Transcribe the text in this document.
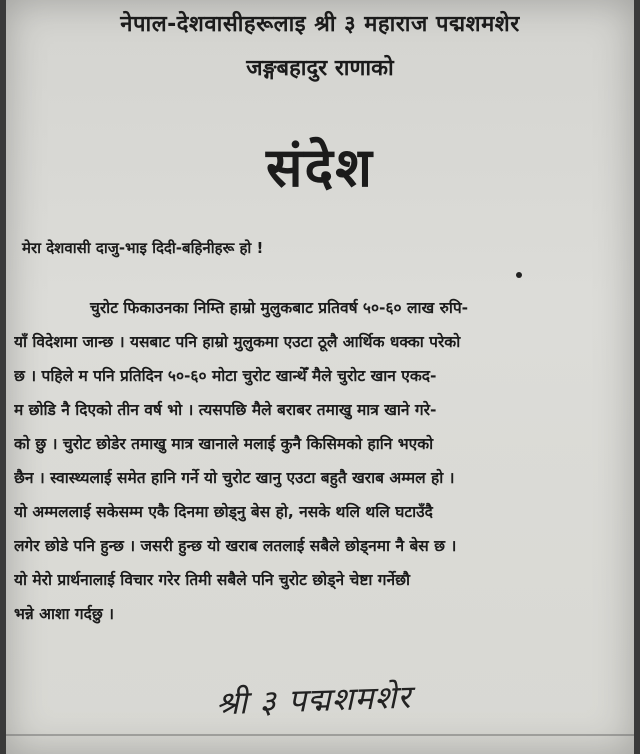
नेपाल-देशवासीहरूलाइ श्री ३ महाराज पद्मशमशेर
जङ्गबहादुर राणाको
संदेश
मेरा देशवासी दाजु-भाइ दिदी-बहिनीहरू हो !
चुरोट फिकाउनका निम्ति हाम्रो मुलुकबाट प्रतिवर्ष ५०-६० लाख रुपि-
याँ विदेशमा जान्छ । यसबाट पनि हाम्रो मुलुकमा एउटा ठूलै आर्थिक धक्का परेको
छ । पहिले म पनि प्रतिदिन ५०-६० मोटा चुरोट खान्थेँ मैले चुरोट खान एकद-
म छोडि नै दिएको तीन वर्ष भो । त्यसपछि मैले बराबर तमाखु मात्र खाने गरे-
को छु । चुरोट छोडेर तमाखु मात्र खानाले मलाई कुनै किसिमको हानि भएको
छैन । स्वास्थ्यलाई समेत हानि गर्ने यो चुरोट खानु एउटा बहुतै खराब अम्मल हो ।
यो अम्मललाई सकेसम्म एकै दिनमा छोड्नु बेस हो, नसके थलि थलि घटाउँदै
लगेर छोडे पनि हुन्छ । जसरी हुन्छ यो खराब लतलाई सबैले छोड्नमा नै बेस छ ।
यो मेरो प्रार्थनालाई विचार गरेर तिमी सबैले पनि चुरोट छोड्ने चेष्टा गर्नेछौ
भन्ने आशा गर्दछु ।
श्री ३ पद्मशमशेर
